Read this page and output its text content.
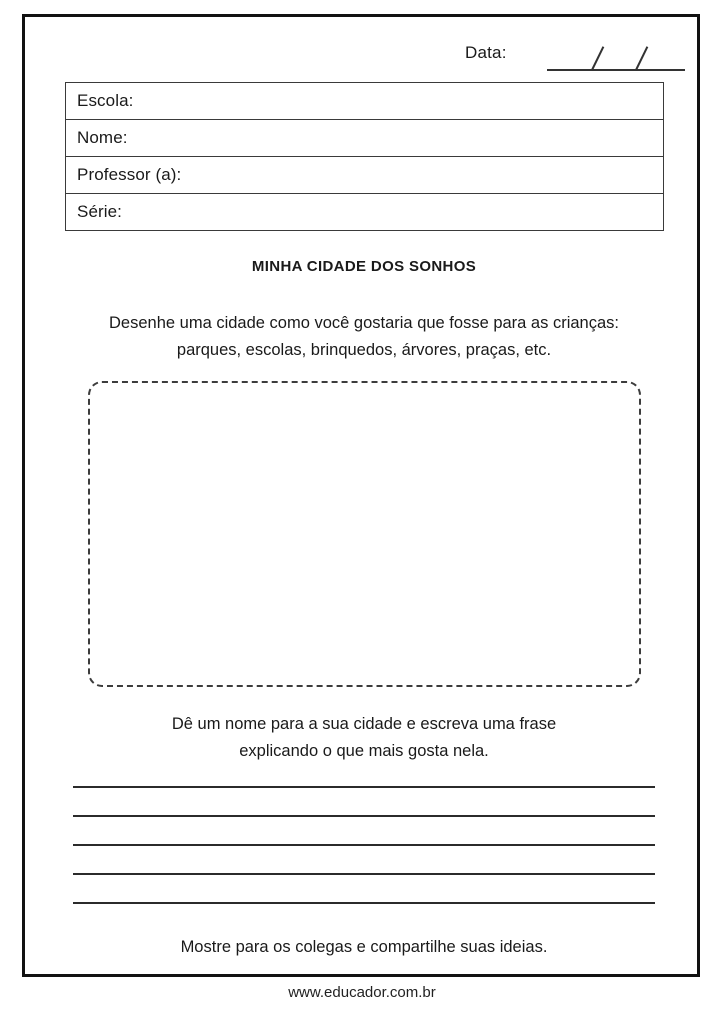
Data:
Escola:
Nome:
Professor (a):
Série:
MINHA CIDADE DOS SONHOS

Desenhe uma cidade como você gostaria que fosse para as crianças:

parques, escolas, brinquedos, árvores, praças, etc.

Dê um nome para a sua cidade e escreva uma frase

explicando o que mais gosta nela.

Mostre para os colegas e compartilhe suas ideias.
www.educador.com.br
